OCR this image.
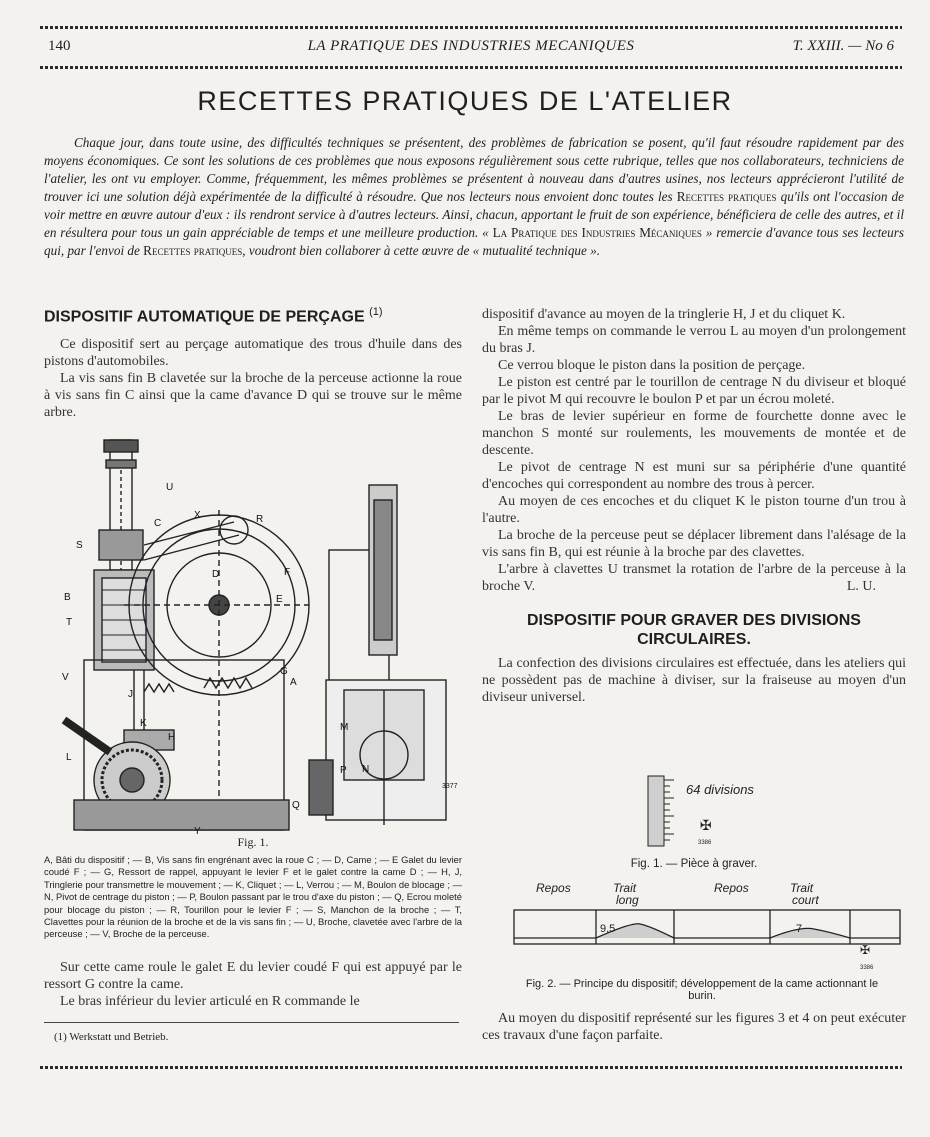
140	LA PRATIQUE DES INDUSTRIES MECANIQUES	T. XXIII. — No 6
RECETTES PRATIQUES DE L'ATELIER

Chaque jour, dans toute usine, des difficultés techniques se présentent, des problèmes de fabrication se posent, qu'il faut résoudre rapidement par des moyens économiques. Ce sont les solutions de ces problèmes que nous exposons régulièrement sous cette rubrique, telles que nos collaborateurs, techniciens de l'atelier, les ont vu employer. Comme, fréquemment, les mêmes problèmes se présentent à nouveau dans d'autres usines, nos lecteurs apprécieront l'utilité de trouver ici une solution déjà expérimentée de la difficulté à résoudre. Que nos lecteurs nous envoient donc toutes les Recettes pratiques qu'ils ont l'occasion de voir mettre en œuvre autour d'eux : ils rendront service à d'autres lecteurs. Ainsi, chacun, apportant le fruit de son expérience, bénéficiera de celle des autres, et il en résultera pour tous un gain appréciable de temps et une meilleure production. « La Pratique des Industries Mécaniques » remercie d'avance tous ses lecteurs qui, par l'envoi de Recettes pratiques, voudront bien collaborer à cette œuvre de « mutualité technique ».

DISPOSITIF AUTOMATIQUE DE PERÇAGE $^{(1)}$

Ce dispositif sert au perçage automatique des trous d'huile dans des pistons d'automobiles.

La vis sans fin B clavetée sur la broche de la perceuse actionne la roue à vis sans fin C ainsi que la came d'avance D qui se trouve sur le même arbre.

U
S
C
X	R
B
T
D	F
E
V
G
A
J
K
H
L
M
P
Y
Q
N
3377
Fig. 1.

A, Bâti du dispositif ; — B, Vis sans fin engrénant avec la roue C ; — D, Came ; — E Galet du levier coudé F ; — G, Ressort de rappel, appuyant le levier F et le galet contre la came D ; — H, J, Tringlerie pour transmettre le mouvement ; — K, Cliquet ; — L, Verrou ; — M, Boulon de blocage ; — N, Pivot de centrage du piston ; — P, Boulon passant par le trou d'axe du piston ; — Q, Ecrou moleté pour blocage du piston ; — R, Tourillon pour le levier F ; — S, Manchon de la broche ; — T, Clavettes pour la réunion de la broche et de la vis sans fin ; — U, Broche, clavetée avec l'arbre de la perceuse ; — V, Broche de la perceuse.

Sur cette came roule le galet E du levier coudé F qui est appuyé par le ressort G contre la came.

Le bras inférieur du levier articulé en R commande le

(1) Werkstatt und Betrieb.

dispositif d'avance au moyen de la tringlerie H, J et du cliquet K.

En même temps on commande le verrou L au moyen d'un prolongement du bras J.

Ce verrou bloque le piston dans la position de perçage.

Le piston est centré par le tourillon de centrage N du diviseur et bloqué par le pivot M qui recouvre le boulon P et par un écrou moleté.

Le bras de levier supérieur en forme de fourchette donne avec le manchon S monté sur roulements, les mouvements de montée et de descente.

Le pivot de centrage N est muni sur sa périphérie d'une quantité d'encoches qui correspondent au nombre des trous à percer.

Au moyen de ces encoches et du cliquet K le piston tourne d'un trou à l'autre.

La broche de la perceuse peut se déplacer librement dans l'alésage de la vis sans fin B, qui est réunie à la broche par des clavettes.

L'arbre à clavettes U transmet la rotation de l'arbre de la perceuse à la broche V.	L. U.

DISPOSITIF POUR GRAVER DES DIVISIONS
CIRCULAIRES.

La confection des divisions circulaires est effectuée, dans les ateliers qui ne possèdent pas de machine à diviser, sur la fraiseuse au moyen d'un diviseur universel.

64 divisions
✠
3386
Fig. 1. — Pièce à graver.
Repos	Trait
long
Repos	Trait
court
9,5	7
✠
3386
Fig. 2. — Principe du dispositif; développement de la came actionnant le burin.

Au moyen du dispositif représenté sur les figures 3 et 4 on peut exécuter ces travaux d'une façon parfaite.
